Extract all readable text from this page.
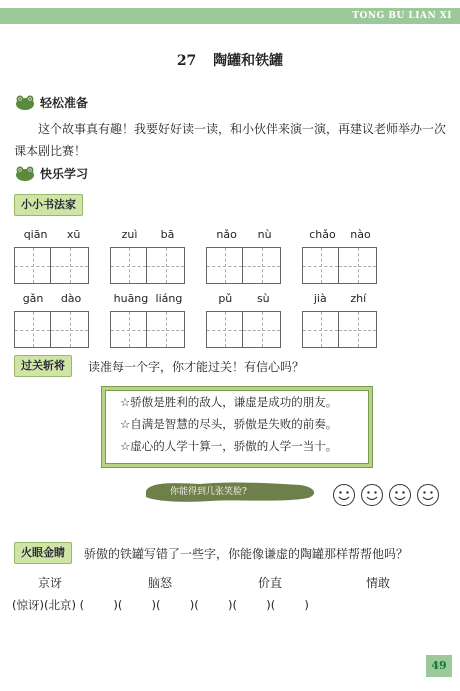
TONG BU LIAN XI
27 陶罐和铁罐
轻松准备

这个故事真有趣！我要好好读一读，和小伙伴来演一演，再建议老师举办一次课本剧比赛！

快乐学习
小小书法家
qiān xū	zuì bā	nǎo nù	chǎo nào
gǎn dào	huāng liáng	pǔ sù	jià zhí
过关斩将	读准每一个字，你才能过关！有信心吗？
☆骄傲是胜利的敌人，谦虚是成功的朋友。
☆自满是智慧的尽头，骄傲是失败的前奏。
☆虚心的人学十算一，骄傲的人学一当十。
你能得到几张笑脸?
火眼金睛	骄傲的铁罐写错了一些字，你能像谦虚的陶罐那样帮帮他吗？
京讶	脑怒	价直	情敢
(惊讶)(北京) (        )(        )(        )(        )(        )(        )
49
